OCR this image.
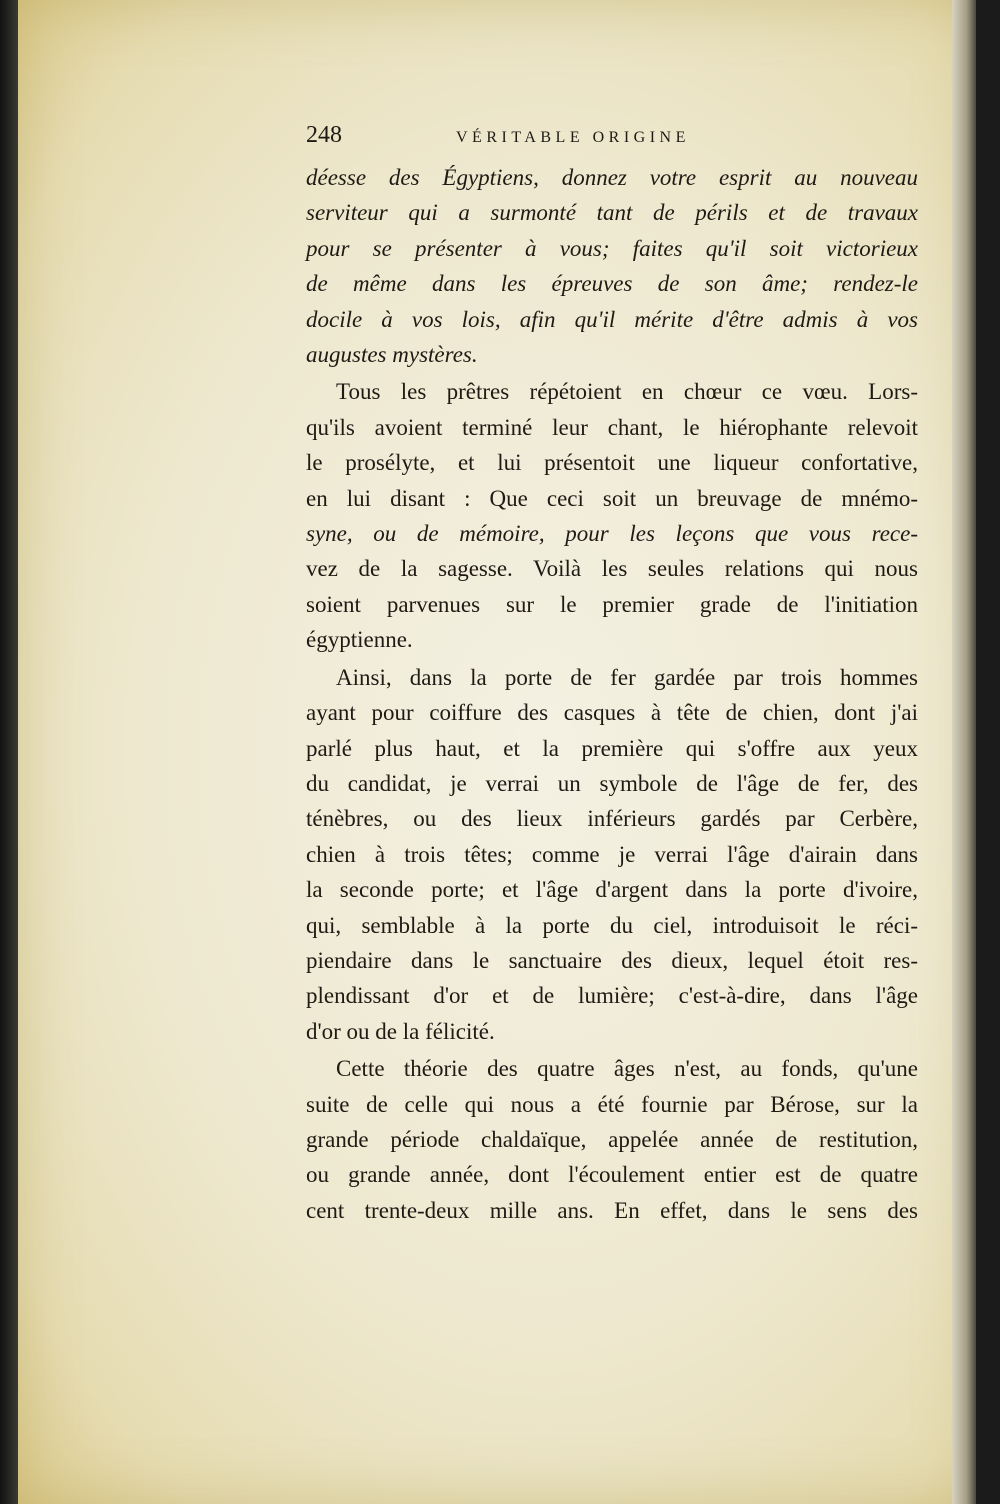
248	VÉRITABLE ORIGINE
déesse des Égyptiens, donnez votre esprit au nouveau
serviteur qui a surmonté tant de périls et de travaux
pour se présenter à vous; faites qu'il soit victorieux
de même dans les épreuves de son âme; rendez-le
docile à vos lois, afin qu'il mérite d'être admis à vos
augustes mystères.
Tous les prêtres répétoient en chœur ce vœu. Lors-
qu'ils avoient terminé leur chant, le hiérophante relevoit
le prosélyte, et lui présentoit une liqueur confortative,
en lui disant : Que ceci soit un breuvage de mnémo-
syne, ou de mémoire, pour les leçons que vous rece-
vez de la sagesse. Voilà les seules relations qui nous
soient parvenues sur le premier grade de l'initiation
égyptienne.
Ainsi, dans la porte de fer gardée par trois hommes
ayant pour coiffure des casques à tête de chien, dont j'ai
parlé plus haut, et la première qui s'offre aux yeux
du candidat, je verrai un symbole de l'âge de fer, des
ténèbres, ou des lieux inférieurs gardés par Cerbère,
chien à trois têtes; comme je verrai l'âge d'airain dans
la seconde porte; et l'âge d'argent dans la porte d'ivoire,
qui, semblable à la porte du ciel, introduisoit le réci-
piendaire dans le sanctuaire des dieux, lequel étoit res-
plendissant d'or et de lumière; c'est-à-dire, dans l'âge
d'or ou de la félicité.
Cette théorie des quatre âges n'est, au fonds, qu'une
suite de celle qui nous a été fournie par Bérose, sur la
grande période chaldaïque, appelée année de restitution,
ou grande année, dont l'écoulement entier est de quatre
cent trente-deux mille ans. En effet, dans le sens des
